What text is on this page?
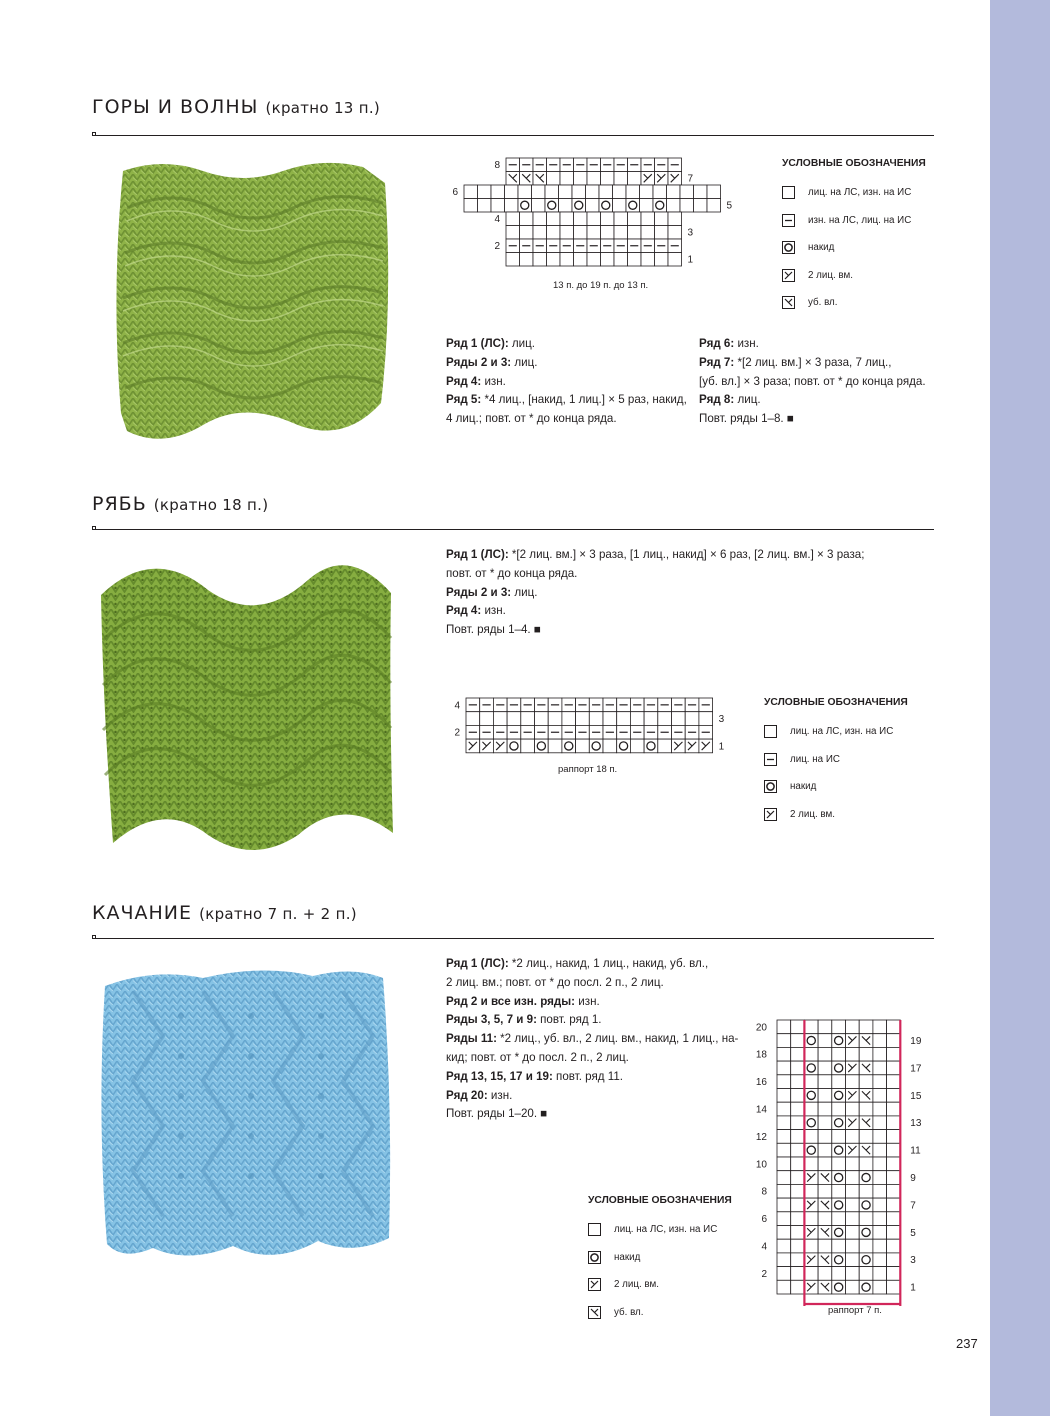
ГОРЫ И ВОЛНЫ (кратно 13 п.)
8
6
4
2
7
5
3
1
13 п. до 19 п. до 13 п.
УСЛОВНЫЕ ОБОЗНАЧЕНИЯ
лиц. на ЛС, изн. на ИС
изн. на ЛС, лиц. на ИС
накид
2 лиц. вм.
уб. вл.

Ряд 1 (ЛС): лиц.

Ряды 2 и 3: лиц.

Ряд 4: изн.

Ряд 5: *4 лиц., [накид, 1 лиц.] × 5 раз, накид,

4 лиц.; повт. от * до конца ряда.

Ряд 6: изн.

Ряд 7: *[2 лиц. вм.] × 3 раза, 7 лиц.,

[уб. вл.] × 3 раза; повт. от * до конца ряда.

Ряд 8: лиц.

Повт. ряды 1–8. ■

РЯБЬ (кратно 18 п.)

Ряд 1 (ЛС): *[2 лиц. вм.] × 3 раза, [1 лиц., накид] × 6 раз, [2 лиц. вм.] × 3 раза;

повт. от * до конца ряда.

Ряды 2 и 3: лиц.

Ряд 4: изн.

Повт. ряды 1–4. ■

4
2
3
1
раппорт 18 п.
УСЛОВНЫЕ ОБОЗНАЧЕНИЯ
лиц. на ЛС, изн. на ИС
лиц. на ИС
накид
2 лиц. вм.
КАЧАНИЕ (кратно 7 п. + 2 п.)

Ряд 1 (ЛС): *2 лиц., накид, 1 лиц., накид, уб. вл.,

2 лиц. вм.; повт. от * до посл. 2 п., 2 лиц.

Ряд 2 и все изн. ряды: изн.

Ряды 3, 5, 7 и 9: повт. ряд 1.

Ряды 11: *2 лиц., уб. вл., 2 лиц. вм., накид, 1 лиц., на-

кид; повт. от * до посл. 2 п., 2 лиц.

Ряд 13, 15, 17 и 19: повт. ряд 11.

Ряд 20: изн.

Повт. ряды 1–20. ■

20
19
18
17
16
15
14
13
12
11
10
9
8
7
6
5
4
3
2
1
раппорт 7 п.
УСЛОВНЫЕ ОБОЗНАЧЕНИЯ
лиц. на ЛС, изн. на ИС
накид
2 лиц. вм.
уб. вл.
237
